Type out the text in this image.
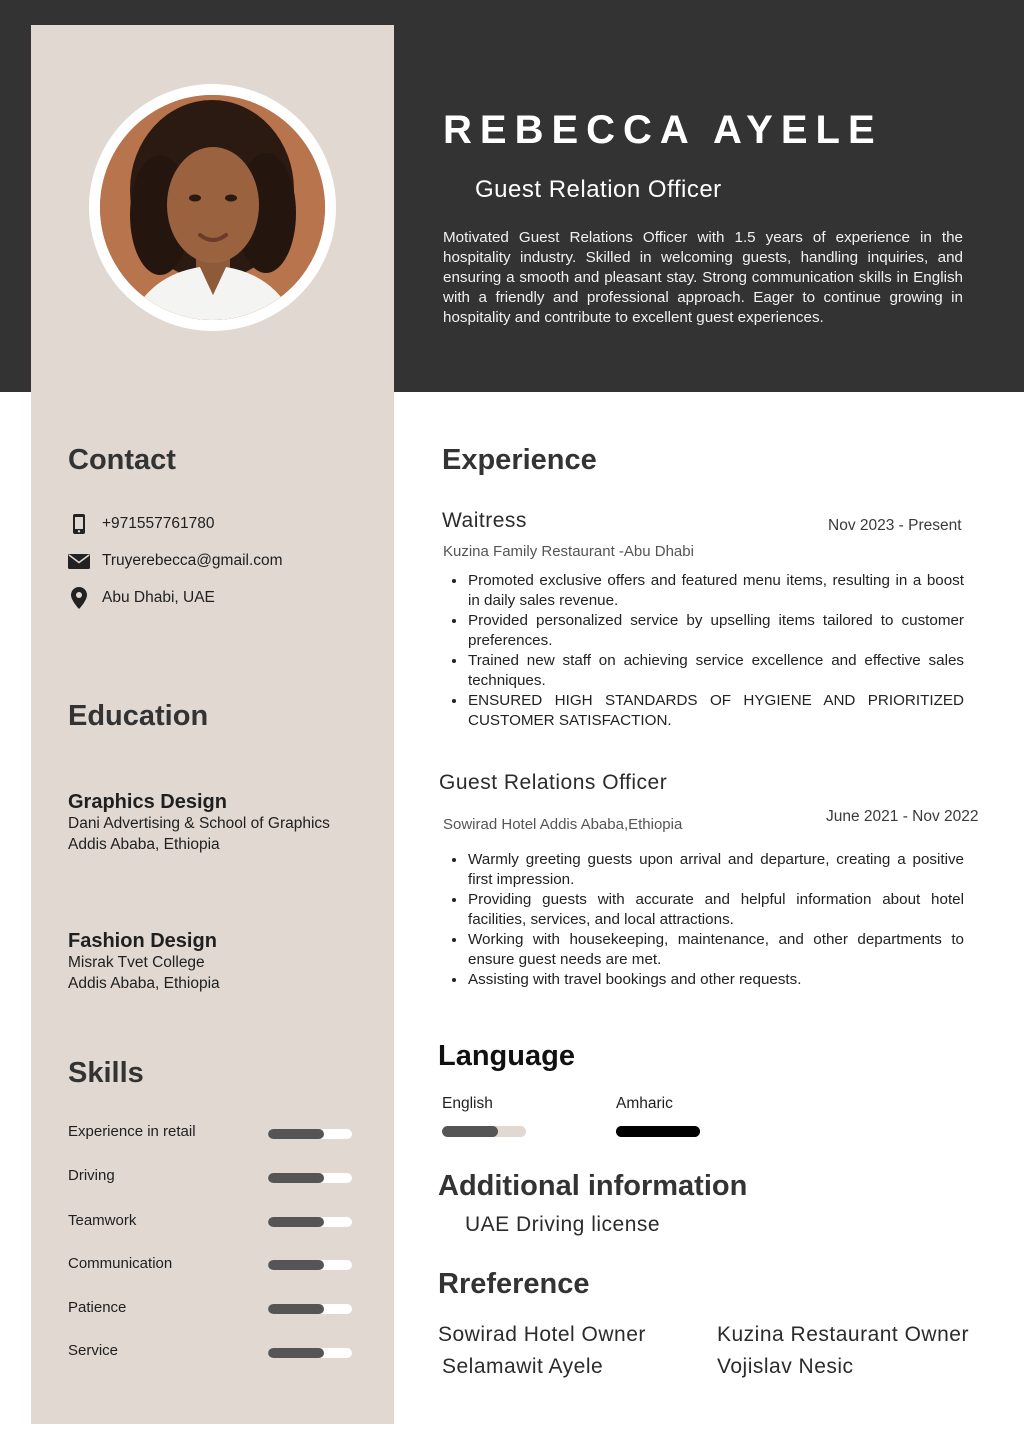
REBECCA AYELE
Guest Relation Officer
Motivated Guest Relations Officer with 1.5 years of experience in the hospitality industry. Skilled in welcoming guests, handling inquiries, and ensuring a smooth and pleasant stay. Strong communication skills in English with a friendly and professional approach. Eager to continue growing in hospitality and contribute to excellent guest experiences.
Contact
+971557761780
Truyerebecca@gmail.com
Abu Dhabi, UAE
Education
Graphics Design
Dani Advertising & School of Graphics
Addis Ababa, Ethiopia
Fashion Design
Misrak Tvet College
Addis Ababa, Ethiopia
Skills
Experience in retail
Driving
Teamwork
Communication
Patience
Service
Experience
Waitress	Nov 2023 - Present
Kuzina Family Restaurant -Abu Dhabi
• Promoted exclusive offers and featured menu items, resulting in a boost in daily sales revenue.
• Provided personalized service by upselling items tailored to customer preferences.
• Trained new staff on achieving service excellence and effective sales techniques.
• ENSURED HIGH STANDARDS OF HYGIENE AND PRIORITIZED CUSTOMER SATISFACTION.
Guest Relations Officer
June 2021 - Nov 2022
Sowirad Hotel Addis Ababa,Ethiopia
• Warmly greeting guests upon arrival and departure, creating a positive first impression.
• Providing guests with accurate and helpful information about hotel facilities, services, and local attractions.
• Working with housekeeping, maintenance, and other departments to ensure guest needs are met.
• Assisting with travel bookings and other requests.
Language
English	Amharic
Additional information
UAE Driving license
Rreference
Sowirad Hotel Owner
Selamawit Ayele
Kuzina Restaurant Owner
Vojislav Nesic
